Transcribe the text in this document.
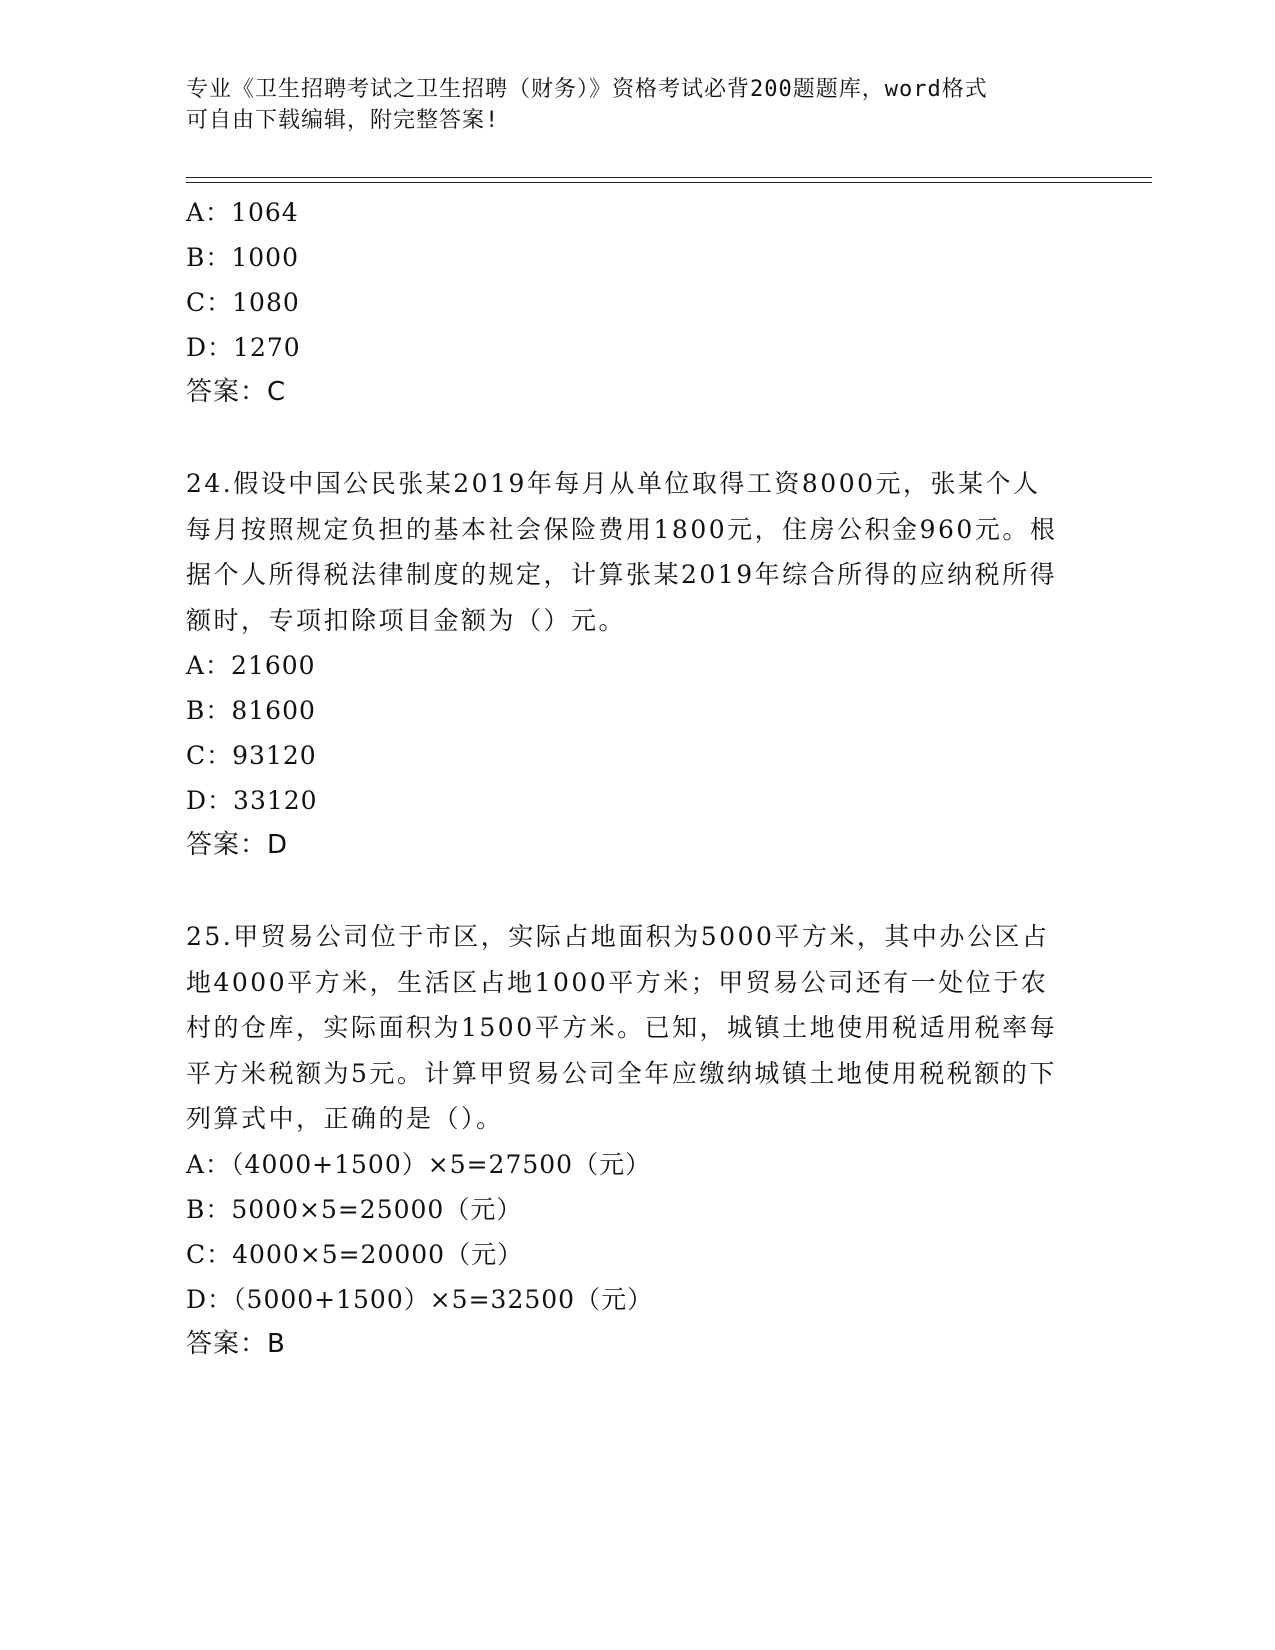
专业《卫生招聘考试之卫生招聘（财务）》资格考试必背200题题库，word格式
可自由下载编辑，附完整答案!
A：1064
B：1000
C：1080
D：1270
答案：C
24.假设中国公民张某2019年每月从单位取得工资8000元，张某个人每月按照规定负担的基本社会保险费用1800元，住房公积金960元。根据个人所得税法律制度的规定，计算张某2019年综合所得的应纳税所得额时，专项扣除项目金额为（）元。
A：21600
B：81600
C：93120
D：33120
答案：D
25.甲贸易公司位于市区，实际占地面积为5000平方米，其中办公区占地4000平方米，生活区占地1000平方米；甲贸易公司还有一处位于农村的仓库，实际面积为1500平方米。已知，城镇土地使用税适用税率每平方米税额为5元。计算甲贸易公司全年应缴纳城镇土地使用税税额的下列算式中，正确的是（）。
A：（4000+1500）×5=27500（元）
B：5000×5=25000（元）
C：4000×5=20000（元）
D：（5000+1500）×5=32500（元）
答案：B
